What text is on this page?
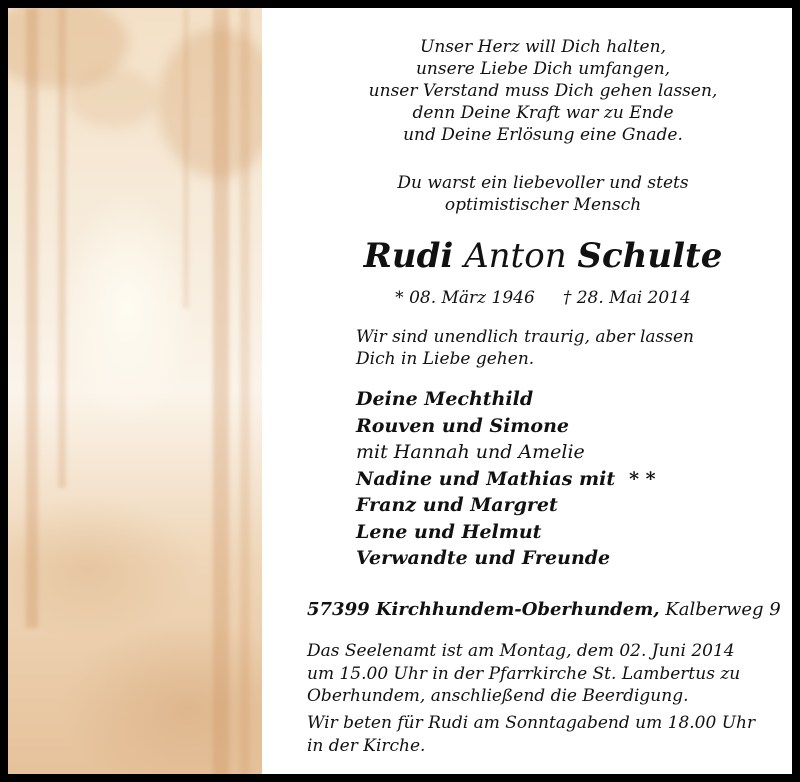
Unser Herz will Dich halten,
unsere Liebe Dich umfangen,
unser Verstand muss Dich gehen lassen,
denn Deine Kraft war zu Ende
und Deine Erlösung eine Gnade.
Du warst ein liebevoller und stets
optimistischer Mensch
Rudi Anton Schulte
* 08. März 1946 † 28. Mai 2014
Wir sind unendlich traurig, aber lassen
Dich in Liebe gehen.
Deine Mechthild
Rouven und Simone
mit Hannah und Amelie
Nadine und Mathias mit * *
Franz und Margret
Lene und Helmut
Verwandte und Freunde
57399 Kirchhundem-Oberhundem, Kalberweg 9
Das Seelenamt ist am Montag, dem 02. Juni 2014
um 15.00 Uhr in der Pfarrkirche St. Lambertus zu
Oberhundem, anschließend die Beerdigung.
Wir beten für Rudi am Sonntagabend um 18.00 Uhr
in der Kirche.
